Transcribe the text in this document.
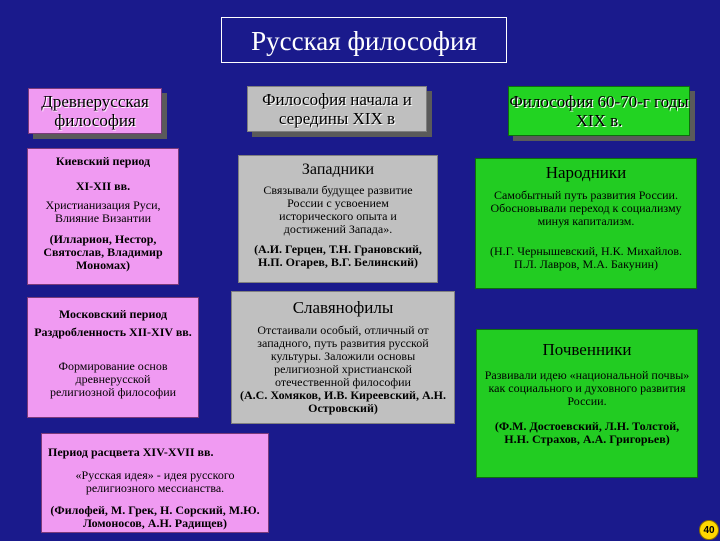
Русская философия
Древнерусская философия
Философия начала и середины XIX в
Философия 60-70-г годы XIX в.
Киевский период
XI-XII вв.
Христианизация Руси, Влияние Византии
(Илларион, Нестор, Святослав, Владимир Мономах)
Московский период
Раздробленность XII-XIV вв.
Формирование основ древнерусской религиозной философии
Период расцвета XIV-XVII вв.
«Русская идея» - идея русского религиозного мессианства.
(Филофей, М. Грек, Н. Сорский, М.Ю. Ломоносов, А.Н. Радищев)
Западники
Связывали будущее развитие России с усвоением исторического опыта и достижений Запада».
(А.И. Герцен, Т.Н. Грановский, Н.П. Огарев, В.Г. Белинский)
Славянофилы
Отстаивали особый, отличный от западного, путь развития русской культуры. Заложили основы религиозной христианской отечественной философии
(А.С. Хомяков, И.В. Киреевский, А.Н. Островский)
Народники
Самобытный путь развития России. Обосновывали переход к социализму минуя капитализм.
(Н.Г. Чернышевский, Н.К. Михайлов. П.Л. Лавров, М.А. Бакунин)
Почвенники
Развивали идею «национальной почвы» как социального и духовного развития России.
(Ф.М. Достоевский, Л.Н. Толстой, Н.Н. Страхов, А.А. Григорьев)
40
